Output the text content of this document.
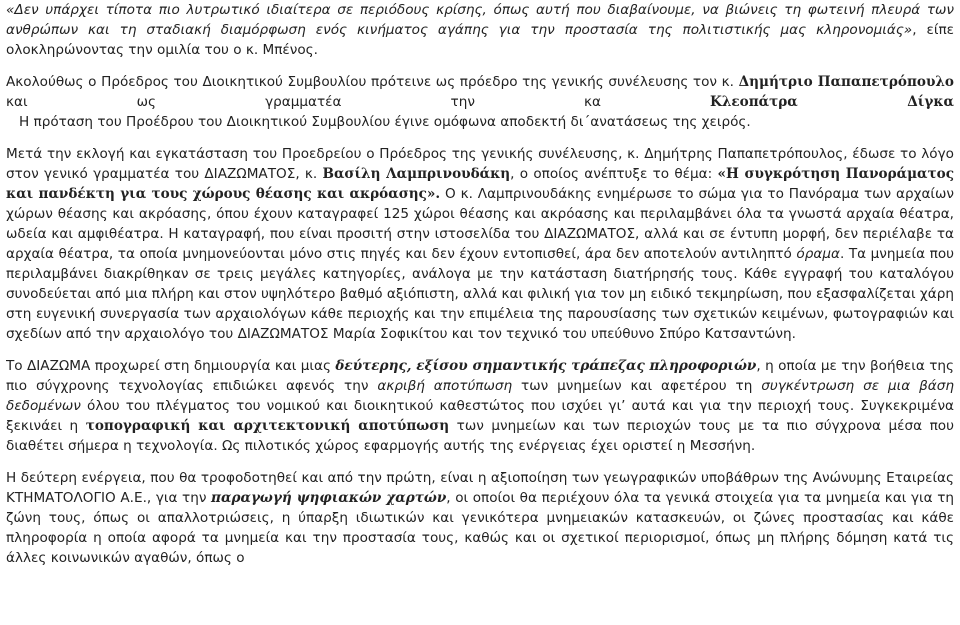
«Δεν υπάρχει τίποτα πιο λυτρωτικό ιδιαίτερα σε περιόδους κρίσης, όπως αυτή που διαβαίνουμε, να βιώνεις τη φωτεινή πλευρά των ανθρώπων και τη σταδιακή διαμόρφωση ενός κινήματος αγάπης για την προστασία της πολιτιστικής μας κληρονομιάς», είπε ολοκληρώνοντας την ομιλία του ο κ. Μπένος.

Ακολούθως ο Πρόεδρος του Διοικητικού Συμβουλίου πρότεινε ως πρόεδρο της γενικής συνέλευσης τον κ. Δημήτριο Παπαπετρόπουλο και ως γραμματέα την κα Κλεοπάτρα Δίγκα   Η πρόταση του Προέδρου του Διοικητικού Συμβουλίου έγινε ομόφωνα αποδεκτή δι΄ανατάσεως της χειρός.

Μετά την εκλογή και εγκατάσταση του Προεδρείου ο Πρόεδρος της γενικής συνέλευσης, κ. Δημήτρης Παπαπετρόπουλος, έδωσε το λόγο στον γενικό γραμματέα του ΔΙΑΖΩΜΑΤΟΣ, κ. Βασίλη Λαμπρινουδάκη, ο οποίος ανέπτυξε το θέμα: «Η συγκρότηση Πανοράματος και πανδέκτη για τους χώρους θέασης και ακρόασης». Ο κ. Λαμπρινουδάκης ενημέρωσε το σώμα για το Πανόραμα των αρχαίων χώρων θέασης και ακρόασης, όπου έχουν καταγραφεί 125 χώροι θέασης και ακρόασης και περιλαμβάνει όλα τα γνωστά αρχαία θέατρα, ωδεία και αμφιθέατρα. Η καταγραφή, που είναι προσιτή στην ιστοσελίδα του ΔΙΑΖΩΜΑΤΟΣ, αλλά και σε έντυπη μορφή, δεν περιέλαβε τα αρχαία θέατρα, τα οποία μνημονεύονται μόνο στις πηγές και δεν έχουν εντοπισθεί, άρα δεν αποτελούν αντιληπτό όραμα. Τα μνημεία που περιλαμβάνει διακρίθηκαν σε τρεις μεγάλες κατηγορίες, ανάλογα με την κατάσταση διατήρησής τους. Κάθε εγγραφή του καταλόγου συνοδεύεται από μια πλήρη και στον υψηλότερο βαθμό αξιόπιστη, αλλά και φιλική για τον μη ειδικό τεκμηρίωση, που εξασφαλίζεται χάρη στη ευγενική συνεργασία των αρχαιολόγων κάθε περιοχής και την επιμέλεια της παρουσίασης των σχετικών κειμένων, φωτογραφιών και σχεδίων από την αρχαιολόγο του ΔΙΑΖΩΜΑΤΟΣ Μαρία Σοφικίτου και τον τεχνικό του υπεύθυνο Σπύρο Κατσαντώνη.

Το ΔΙΑΖΩΜΑ προχωρεί στη δημιουργία και μιας δεύτερης, εξίσου σημαντικής τράπεζας πληροφοριών, η οποία με την βοήθεια της πιο σύγχρονης τεχνολογίας επιδιώκει αφενός την ακριβή αποτύπωση των μνημείων και αφετέρου τη συγκέντρωση σε μια βάση δεδομένων όλου του πλέγματος του νομικού και διοικητικού καθεστώτος που ισχύει γι’ αυτά και για την περιοχή τους. Συγκεκριμένα ξεκινάει η τοπογραφική και αρχιτεκτονική αποτύπωση των μνημείων και των περιοχών τους με τα πιο σύγχρονα μέσα που διαθέτει σήμερα η τεχνολογία. Ως πιλοτικός χώρος εφαρμογής αυτής της ενέργειας έχει οριστεί η Μεσσήνη.

Η δεύτερη ενέργεια, που θα τροφοδοτηθεί και από την πρώτη, είναι η αξιοποίηση των γεωγραφικών υποβάθρων της Ανώνυμης Εταιρείας ΚΤΗΜΑΤΟΛΟΓΙΟ Α.Ε., για την παραγωγή ψηφιακών χαρτών, οι οποίοι θα περιέχουν όλα τα γενικά στοιχεία για τα μνημεία και για τη ζώνη τους, όπως οι απαλλοτριώσεις, η ύπαρξη ιδιωτικών και γενικότερα μνημειακών κατασκευών, οι ζώνες προστασίας και κάθε πληροφορία η οποία αφορά τα μνημεία και την προστασία τους, καθώς και οι σχετικοί περιορισμοί, όπως μη πλήρης δόμηση κατά τις άλλες κοινωνικών αγαθών, όπως ο
